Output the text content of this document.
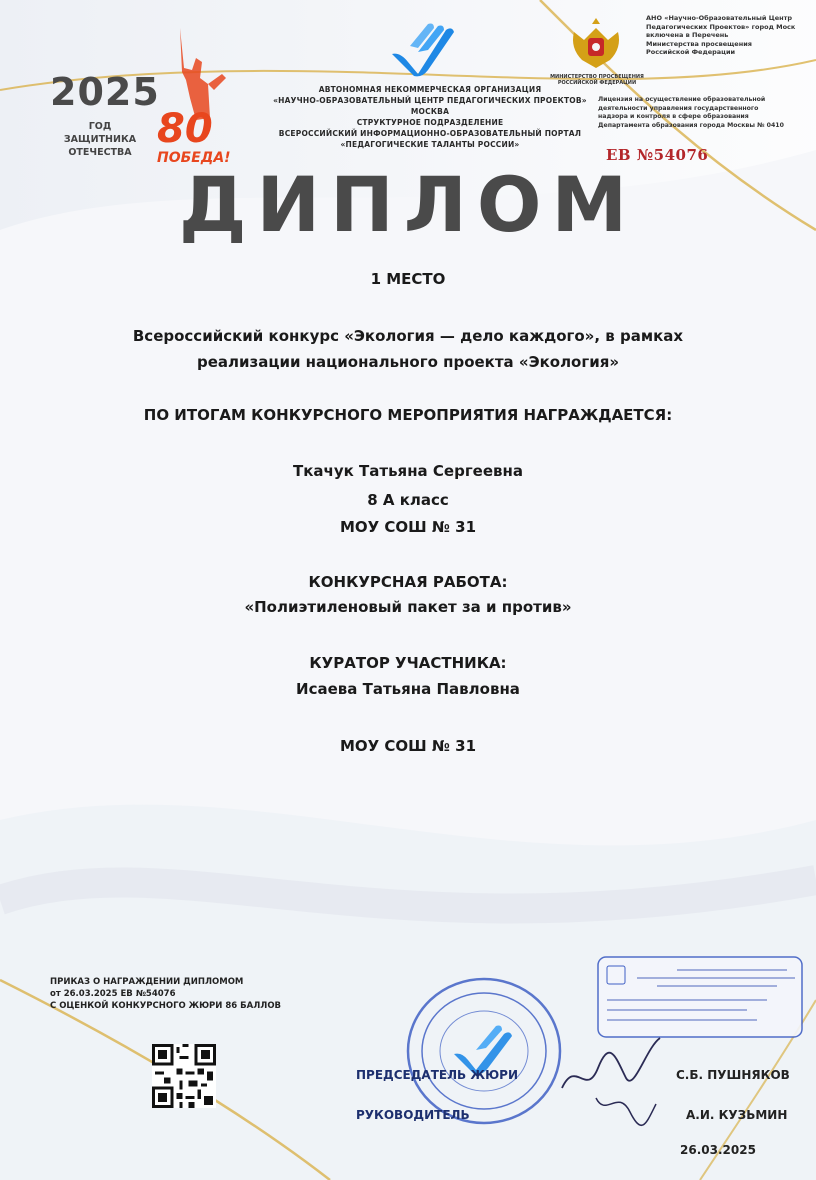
2025
ГОД ЗАЩИТНИКА ОТЕЧЕСТВА
80
ПОБЕДА!
АВТОНОМНАЯ НЕКОММЕРЧЕСКАЯ ОРГАНИЗАЦИЯ
«НАУЧНО-ОБРАЗОВАТЕЛЬНЫЙ ЦЕНТР ПЕДАГОГИЧЕСКИХ ПРОЕКТОВ»
МОСКВА
СТРУКТУРНОЕ ПОДРАЗДЕЛЕНИЕ
ВСЕРОССИЙСКИЙ ИНФОРМАЦИОННО-ОБРАЗОВАТЕЛЬНЫЙ ПОРТАЛ
«ПЕДАГОГИЧЕСКИЕ ТАЛАНТЫ РОССИИ»
МИНИСТЕРСТВО ПРОСВЕЩЕНИЯ РОССИЙСКОЙ ФЕДЕРАЦИИ
АНО «Научно-Образовательный Центр
Педагогических Проектов» город Моск
включена в Перечень
Министерства просвещения
Российской Федерации
Лицензия на осуществление образовательной
деятельности управления государственного
надзора и контроля в сфере образования
Департамента образования города Москвы № 0410
ЕВ №54076
ДИПЛОМ
1 МЕСТО
Всероссийский конкурс «Экология — дело каждого», в рамках
реализации национального проекта «Экология»
ПО ИТОГАМ КОНКУРСНОГО МЕРОПРИЯТИЯ НАГРАЖДАЕТСЯ:
Ткачук Татьяна Сергеевна
8 А класс
МОУ СОШ № 31
КОНКУРСНАЯ РАБОТА:
«Полиэтиленовый пакет за и против»
КУРАТОР УЧАСТНИКА:
Исаева Татьяна Павловна
МОУ СОШ № 31
ПРИКАЗ О НАГРАЖДЕНИИ ДИПЛОМОМ
от 26.03.2025 ЕВ №54076
С ОЦЕНКОЙ КОНКУРСНОГО ЖЮРИ 86 БАЛЛОВ
ПРЕДСЕДАТЕЛЬ ЖЮРИ	С.Б. ПУШНЯКОВ
РУКОВОДИТЕЛЬ	А.И. КУЗЬМИН
26.03.2025
